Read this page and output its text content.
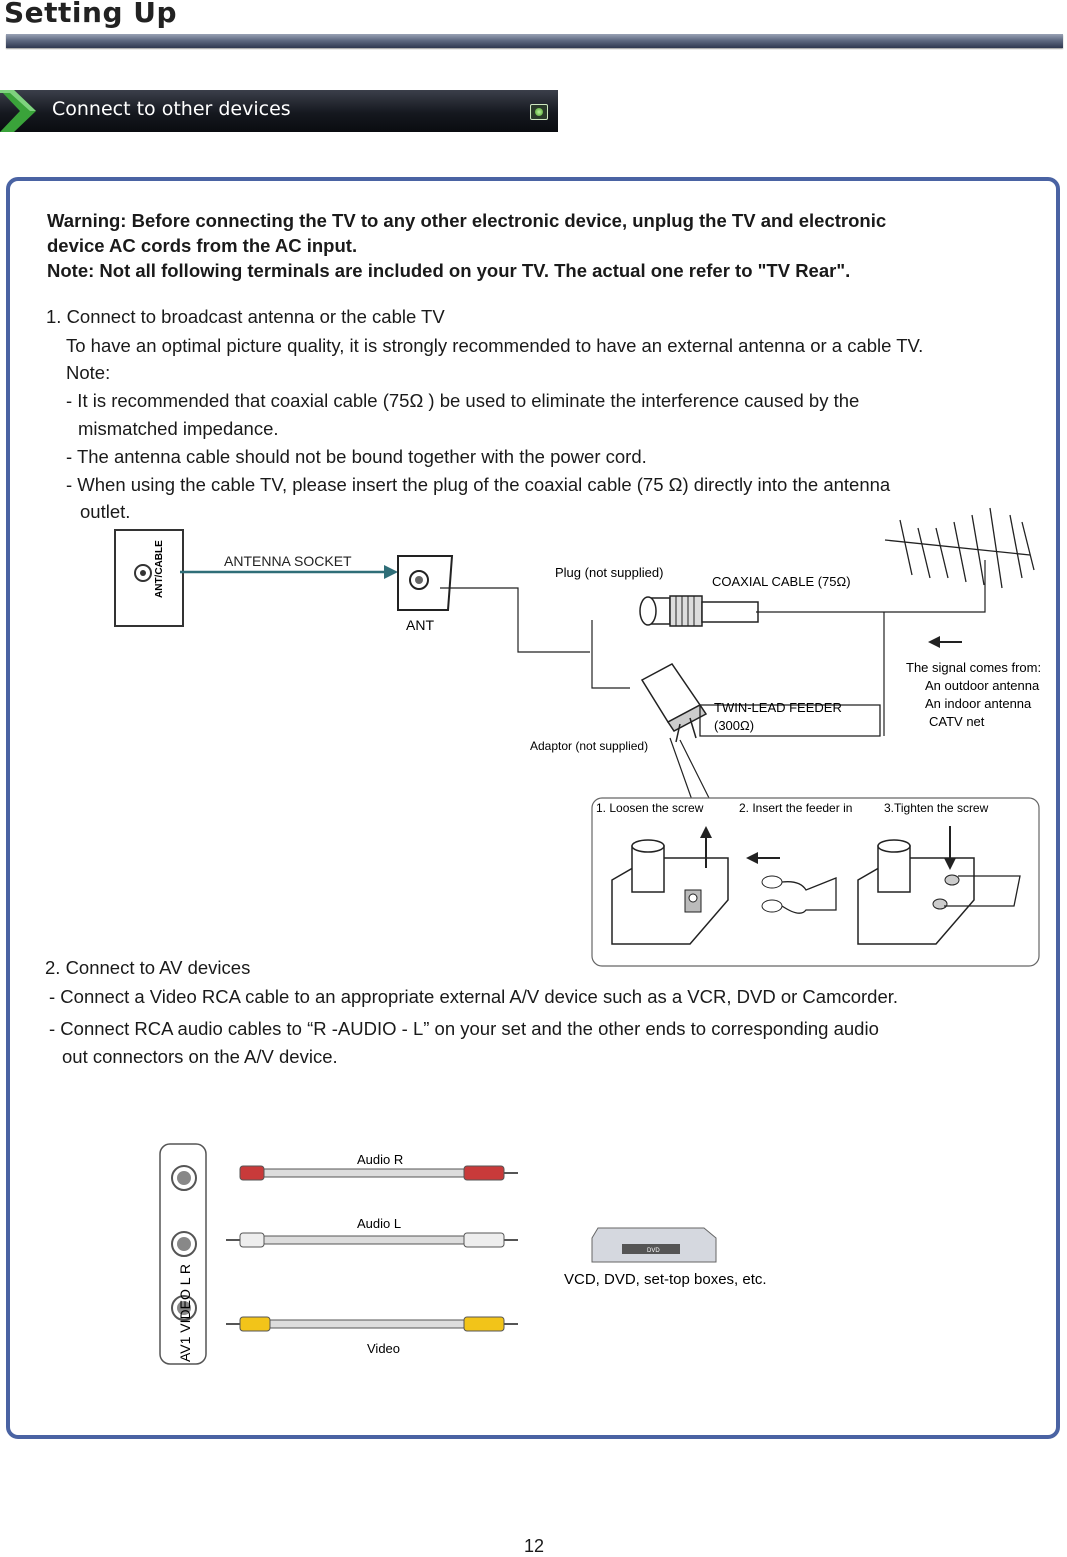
Setting Up
Connect to other devices
Warning: Before connecting the TV to any other electronic device, unplug the TV and electronic
device AC cords from the AC input.
Note: Not all following terminals are included on your TV. The actual one refer to "TV Rear".
1. Connect to broadcast antenna or the cable TV
To have an optimal picture quality, it is strongly recommended to have an external antenna or a cable TV.
Note:
- It is recommended that coaxial cable (75Ω ) be used to eliminate the interference caused by the
mismatched impedance.
- The antenna cable should not be bound together with the power cord.
- When using the cable TV, please insert the plug of the coaxial cable (75 Ω) directly into the antenna
outlet.
ANT/CABLE	ANTENNA SOCKET
ANT
Plug (not supplied)
COAXIAL CABLE (75Ω)
The signal comes from:
An outdoor antenna
An indoor antenna
CATV net
TWIN-LEAD FEEDER
(300Ω)
Adaptor (not supplied)
1. Loosen the screw	2. Insert the feeder in	3.Tighten the screw
2. Connect to AV devices
- Connect a Video RCA cable to an appropriate external A/V device such as a VCR, DVD or Camcorder.
- Connect RCA audio cables to “R -AUDIO - L” on your set and the other ends to corresponding audio
out connectors on the A/V device.
AV1 VIDEO L R
Audio R
Audio L
Video
DVD
VCD, DVD, set-top boxes, etc.
12
